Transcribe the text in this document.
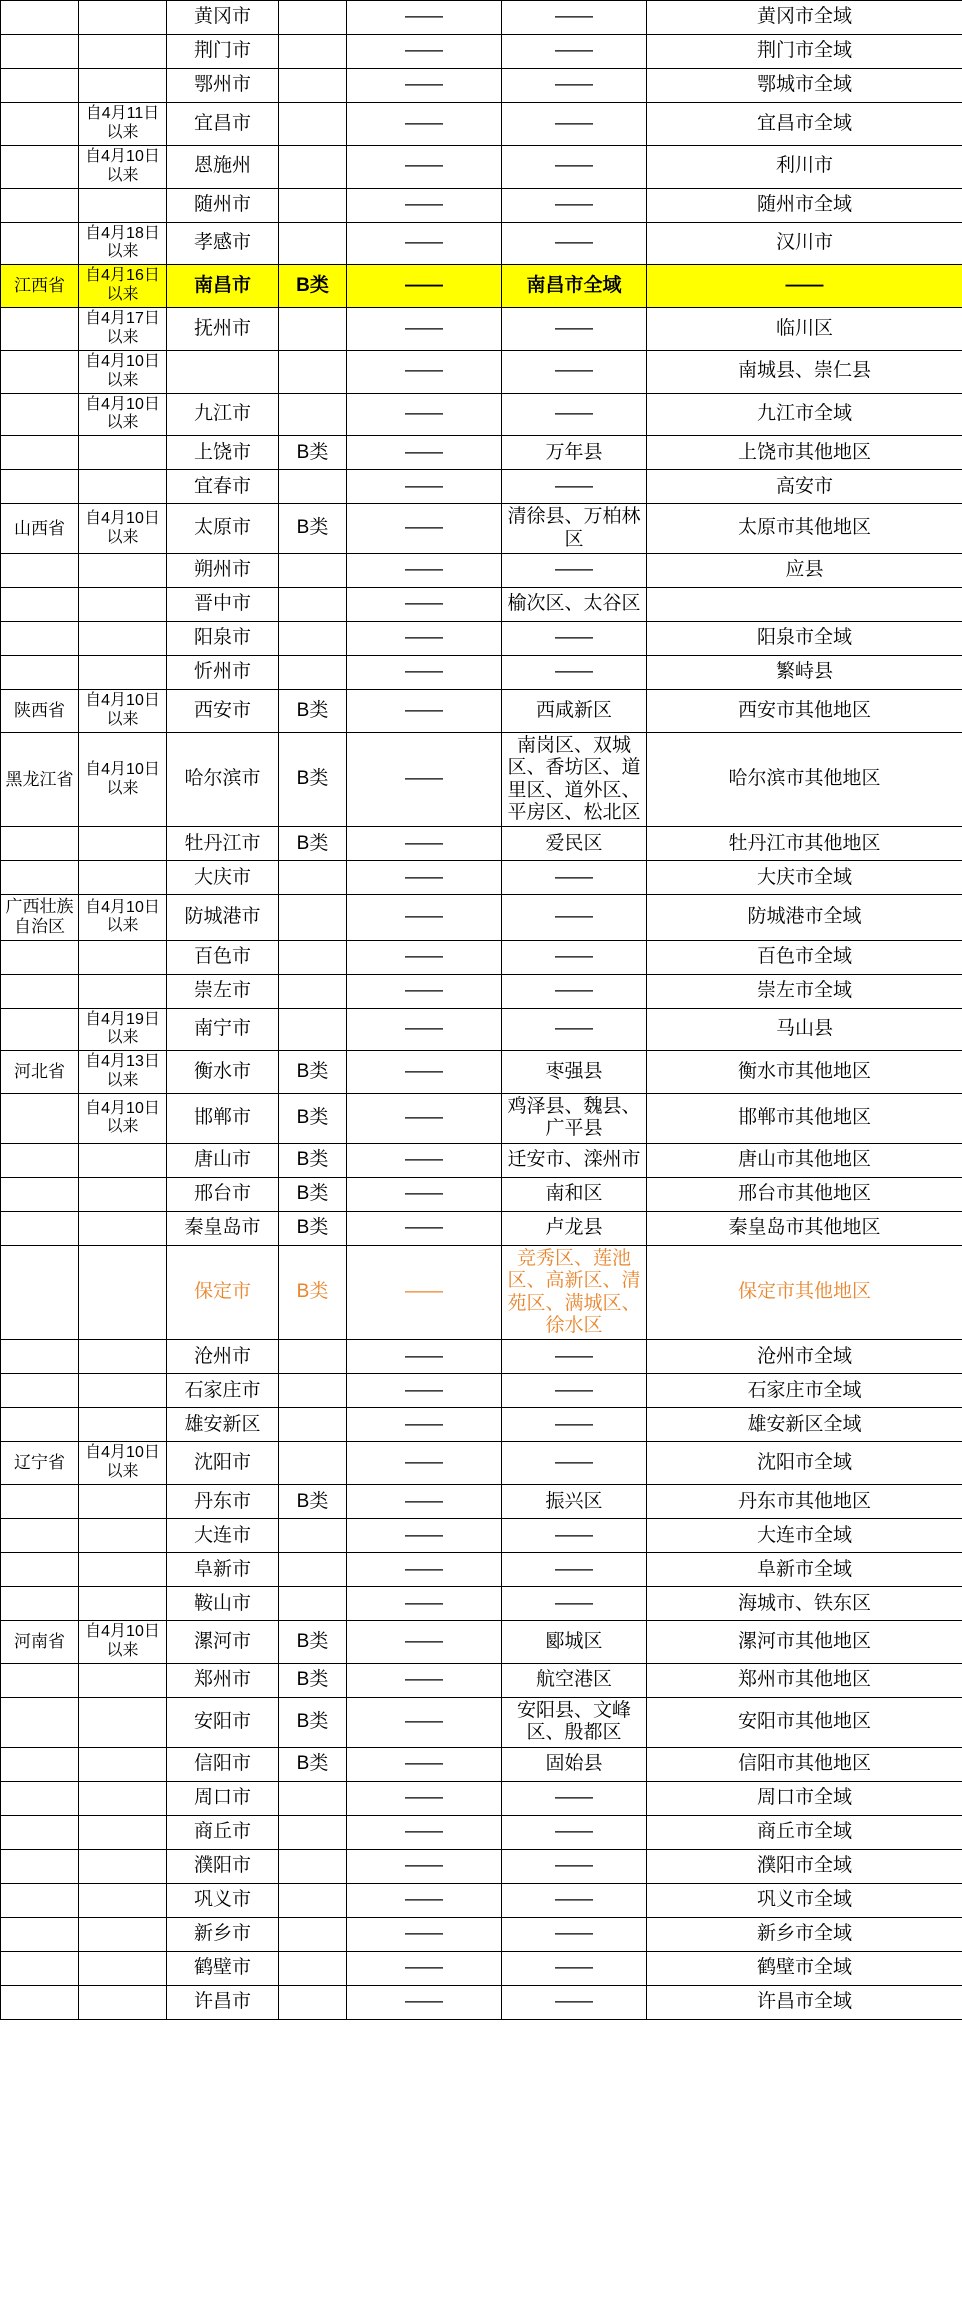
		黄冈市		——	——	黄冈市全域
		荆门市		——	——	荆门市全域
		鄂州市		——	——	鄂城市全域
	自4月11日以来	宜昌市		——	——	宜昌市全域
	自4月10日以来	恩施州		——	——	利川市
		随州市		——	——	随州市全域
	自4月18日以来	孝感市		——	——	汉川市
江西省	自4月16日以来	南昌市	B类	——	南昌市全域	——
	自4月17日以来	抚州市		——	——	临川区
	自4月10日以来			——	——	南城县、崇仁县
	自4月10日以来	九江市		——	——	九江市全域
		上饶市	B类	——	万年县	上饶市其他地区
		宜春市		——	——	高安市
山西省	自4月10日以来	太原市	B类	——	清徐县、万柏林区	太原市其他地区
		朔州市		——	——	应县
		晋中市		——	榆次区、太谷区	
		阳泉市		——	——	阳泉市全域
		忻州市		——	——	繁峙县
陕西省	自4月10日以来	西安市	B类	——	西咸新区	西安市其他地区
黑龙江省	自4月10日以来	哈尔滨市	B类	——	南岗区、双城区、香坊区、道里区、道外区、平房区、松北区	哈尔滨市其他地区
		牡丹江市	B类	——	爱民区	牡丹江市其他地区
		大庆市		——	——	大庆市全域
广西壮族自治区	自4月10日以来	防城港市		——	——	防城港市全域
		百色市		——	——	百色市全域
		崇左市		——	——	崇左市全域
	自4月19日以来	南宁市		——	——	马山县
河北省	自4月13日以来	衡水市	B类	——	枣强县	衡水市其他地区
	自4月10日以来	邯郸市	B类	——	鸡泽县、魏县、广平县	邯郸市其他地区
		唐山市	B类	——	迁安市、滦州市	唐山市其他地区
		邢台市	B类	——	南和区	邢台市其他地区
		秦皇岛市	B类	——	卢龙县	秦皇岛市其他地区
		保定市	B类	——	竞秀区、莲池区、高新区、清苑区、满城区、徐水区	保定市其他地区
		沧州市		——	——	沧州市全域
		石家庄市		——	——	石家庄市全域
		雄安新区		——	——	雄安新区全域
辽宁省	自4月10日以来	沈阳市		——	——	沈阳市全域
		丹东市	B类	——	振兴区	丹东市其他地区
		大连市		——	——	大连市全域
		阜新市		——	——	阜新市全域
		鞍山市		——	——	海城市、铁东区
河南省	自4月10日以来	漯河市	B类	——	郾城区	漯河市其他地区
		郑州市	B类	——	航空港区	郑州市其他地区
		安阳市	B类	——	安阳县、文峰区、殷都区	安阳市其他地区
		信阳市	B类	——	固始县	信阳市其他地区
		周口市		——	——	周口市全域
		商丘市		——	——	商丘市全域
		濮阳市		——	——	濮阳市全域
		巩义市		——	——	巩义市全域
		新乡市		——	——	新乡市全域
		鹤壁市		——	——	鹤壁市全域
		许昌市		——	——	许昌市全域
